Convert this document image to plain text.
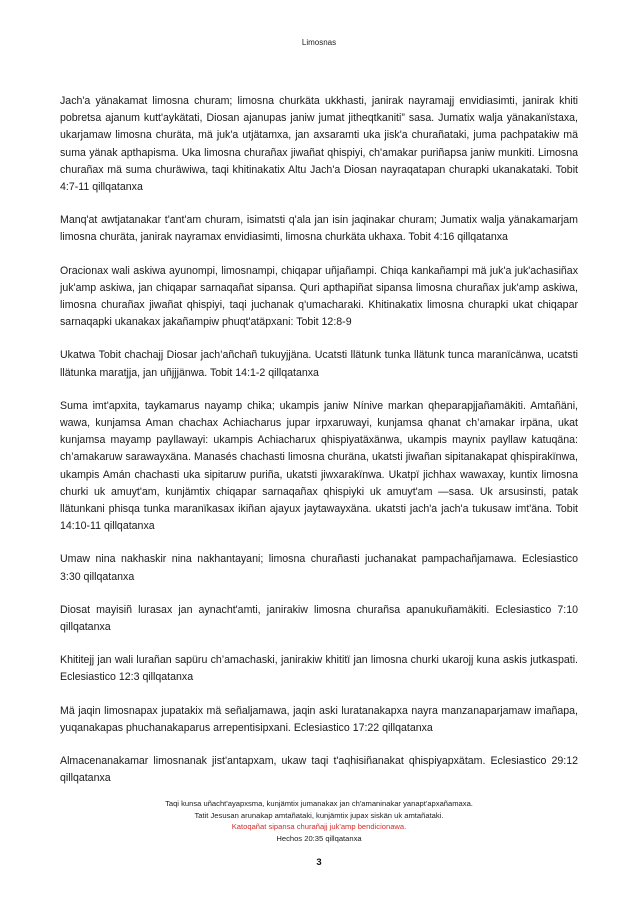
Limosnas

Jach'a yänakamat limosna churam; limosna churkäta ukkhasti, janirak nayramajj envidiasimti, janirak khiti pobretsa ajanum kutt'aykätati, Diosan ajanupas janiw jumat jitheqtkaniti” sasa. Jumatix walja yänakanïstaxa, ukarjamaw limosna churäta, mä juk'a utjätamxa, jan axsaramti uka jisk'a churañataki, juma pachpatakiw mä suma yänak apthapisma. Uka limosna churañax jiwañat qhispiyi, ch'amakar puriñapsa janiw munkiti. Limosna churañax mä suma churäwiwa, taqi khitinakatix Altu Jach'a Diosan nayraqatapan churapki ukanakataki. Tobit 4:7-11 qillqatanxa

Manq'at awtjatanakar t'ant'am churam, isimatsti q'ala jan isin jaqinakar churam; Jumatix walja yänakamarjam limosna churäta, janirak nayramax envidiasimti, limosna churkäta ukhaxa. Tobit 4:16 qillqatanxa

Oracionax wali askiwa ayunompi, limosnampi, chiqapar uñjañampi. Chiqa kankañampi mä juk'a juk'achasiñax juk'amp askiwa, jan chiqapar sarnaqañat sipansa. Quri apthapiñat sipansa limosna churañax juk'amp askiwa, limosna churañax jiwañat qhispiyi, taqi juchanak q'umacharaki. Khitinakatix limosna churapki ukat chiqapar sarnaqapki ukanakax jakañampiw phuqt'atäpxani: Tobit 12:8-9

Ukatwa Tobit chachajj Diosar jach’añchañ tukuyjjäna. Ucatsti llätunk tunka llätunk tunca maranïcänwa, ucatsti llätunka maratjja, jan uñjjjänwa. Tobit 14:1-2 qillqatanxa

Suma imt'apxita, taykamarus nayamp chika; ukampis janiw Nínive markan qheparapjjañamäkiti. Amtañäni, wawa, kunjamsa Aman chachax Achiacharus jupar irpxaruwayi, kunjamsa qhanat ch’amakar irpäna, ukat kunjamsa mayamp payllawayi: ukampis Achiacharux qhispiyatäxänwa, ukampis maynix payllaw katuqäna: ch’amakaruw sarawayxäna. Manasés chachasti limosna churäna, ukatsti jiwañan sipitanakapat qhispirakïnwa, ukampis Amán chachasti uka sipitaruw puriña, ukatsti jiwxarakïnwa. Ukatpï jichhax wawaxay, kuntix limosna churki uk amuyt'am, kunjämtix chiqapar sarnaqañax qhispiyki uk amuyt'am —sasa. Uk arsusinsti, patak llätunkani phisqa tunka maranïkasax ikiñan ajayux jaytawayxäna. ukatsti jach'a jach'a tukusaw imt'äna. Tobit 14:10-11 qillqatanxa

Umaw nina nakhaskir nina nakhantayani; limosna churañasti juchanakat pampachañjamawa. Eclesiastico 3:30 qillqatanxa

Diosat mayisiñ lurasax jan aynacht'amti, janirakiw limosna churañsa apanukuñamäkiti. Eclesiastico 7:10 qillqatanxa

Khititejj jan wali lurañan sapüru ch’amachaski, janirakiw khititï jan limosna churki ukarojj kuna askis jutkaspati. Eclesiastico 12:3 qillqatanxa

Mä jaqin limosnapax jupatakix mä señaljamawa, jaqin aski luratanakapxa nayra manzanaparjamaw imañapa, yuqanakapas phuchanakaparus arrepentisipxani. Eclesiastico 17:22 qillqatanxa

Almacenanakamar limosnanak jist'antapxam, ukaw taqi t'aqhisiñanakat qhispiyapxätam. Eclesiastico 29:12 qillqatanxa

Taqi kunsa uñacht'ayapxsma, kunjämtix jumanakax jan ch'amaninakar yanapt'apxañamaxa.
Tatit Jesusan arunakap amtañataki, kunjämtix jupax siskän uk amtañataki.
Katoqañat sipansa churañajj juk'amp bendicionawa.
Hechos 20:35 qillqatanxa
3
